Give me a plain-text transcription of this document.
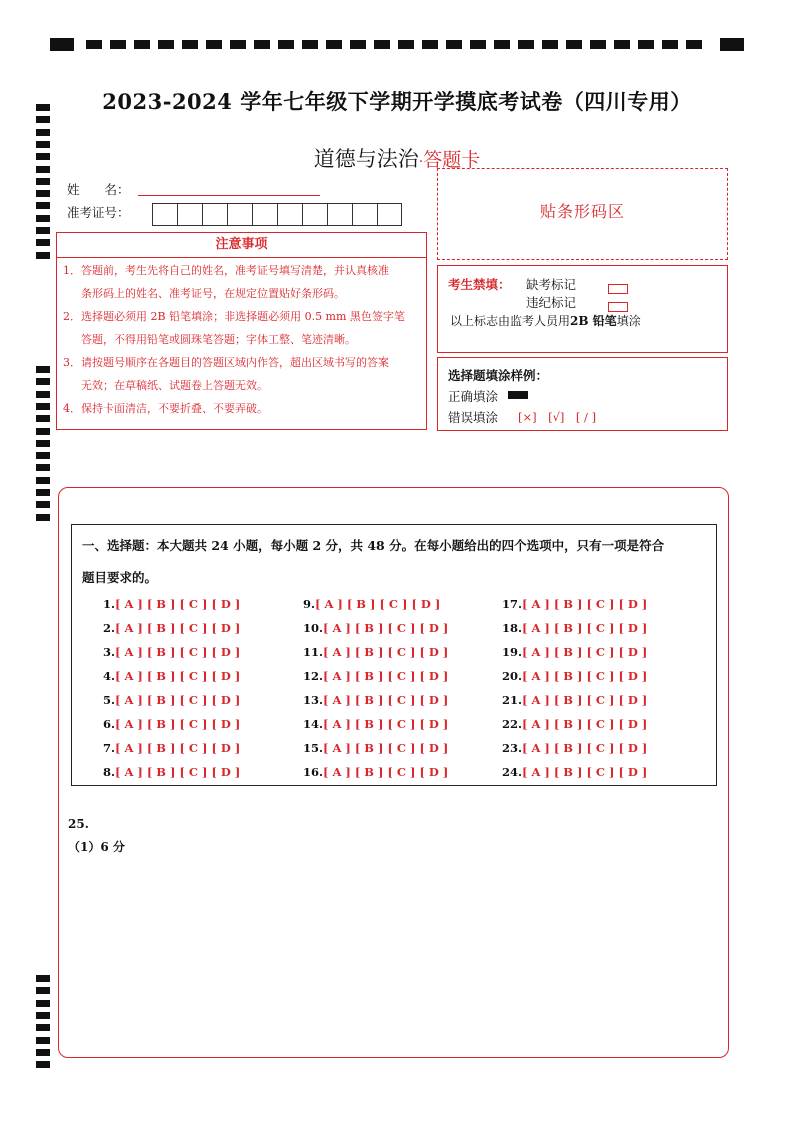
2023-2024 学年七年级下学期开学摸底考试卷（四川专用）
道德与法治·答题卡
姓　　名：
准考证号：
注意事项
1．答题前，考生先将自己的姓名，准考证号填写清楚，并认真核准
条形码上的姓名、准考证号，在规定位置贴好条形码。
2．选择题必须用 2B 铅笔填涂；非选择题必须用 0.5 mm 黑色签字笔
答题，不得用铅笔或圆珠笔答题；字体工整、笔迹清晰。
3．请按题号顺序在各题目的答题区域内作答，超出区域书写的答案
无效；在草稿纸、试题卷上答题无效。
4．保持卡面清洁，不要折叠、不要弄破。
贴条形码区
考生禁填： 缺考标记
违纪标记
以上标志由监考人员用2B 铅笔填涂
选择题填涂样例：
正确填涂
错误填涂 [×]　[√]　[ / ]
一、选择题：本大题共 24 小题，每小题 2 分，共 48 分。在每小题给出的四个选项中，只有一项是符合
题目要求的。
1.[ A ] [ B ] [ C ] [ D ]
2.[ A ] [ B ] [ C ] [ D ]
3.[ A ] [ B ] [ C ] [ D ]
4.[ A ] [ B ] [ C ] [ D ]
5.[ A ] [ B ] [ C ] [ D ]
6.[ A ] [ B ] [ C ] [ D ]
7.[ A ] [ B ] [ C ] [ D ]
8.[ A ] [ B ] [ C ] [ D ]
9.[ A ] [ B ] [ C ] [ D ]
10.[ A ] [ B ] [ C ] [ D ]
11.[ A ] [ B ] [ C ] [ D ]
12.[ A ] [ B ] [ C ] [ D ]
13.[ A ] [ B ] [ C ] [ D ]
14.[ A ] [ B ] [ C ] [ D ]
15.[ A ] [ B ] [ C ] [ D ]
16.[ A ] [ B ] [ C ] [ D ]
17.[ A ] [ B ] [ C ] [ D ]
18.[ A ] [ B ] [ C ] [ D ]
19.[ A ] [ B ] [ C ] [ D ]
20.[ A ] [ B ] [ C ] [ D ]
21.[ A ] [ B ] [ C ] [ D ]
22.[ A ] [ B ] [ C ] [ D ]
23.[ A ] [ B ] [ C ] [ D ]
24.[ A ] [ B ] [ C ] [ D ]
25.
（1）6 分
